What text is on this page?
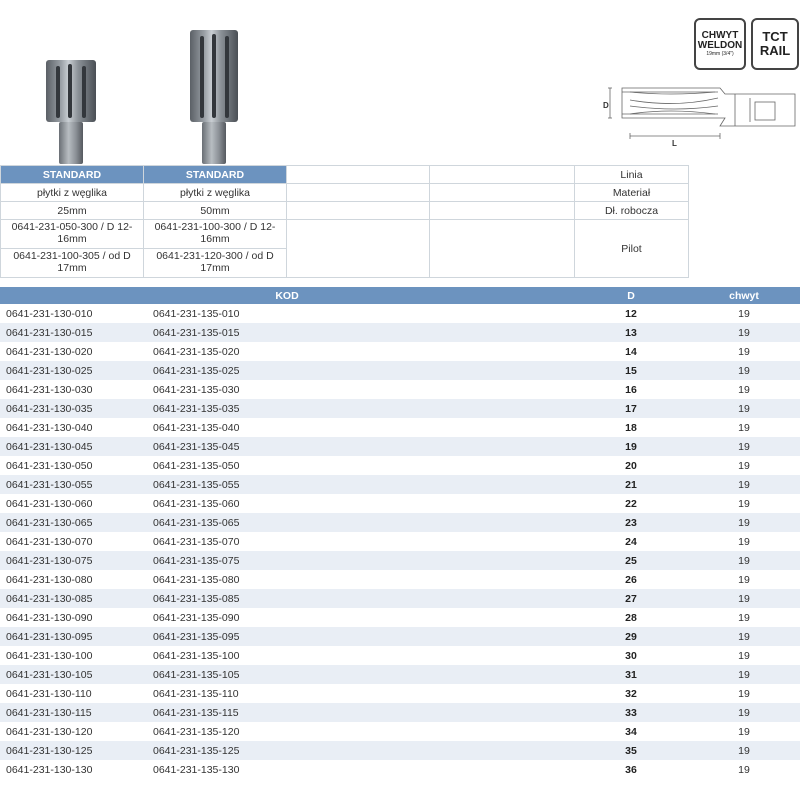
CHWYT
WELDON
19mm (3/4")
TCT
RAIL
D
L
STANDARD	STANDARD			Linia
płytki z węglika	płytki z węglika			Materiał
25mm	50mm			Dł. robocza
0641-231-050-300 / D 12-16mm	0641-231-100-300 / D 12-16mm			Pilot
0641-231-100-305 / od D 17mm	0641-231-120-300 / od D 17mm			
KOD			D	chwyt
0641-231-130-010	0641-231-135-010		12	19
0641-231-130-015	0641-231-135-015		13	19
0641-231-130-020	0641-231-135-020		14	19
0641-231-130-025	0641-231-135-025		15	19
0641-231-130-030	0641-231-135-030		16	19
0641-231-130-035	0641-231-135-035		17	19
0641-231-130-040	0641-231-135-040		18	19
0641-231-130-045	0641-231-135-045		19	19
0641-231-130-050	0641-231-135-050		20	19
0641-231-130-055	0641-231-135-055		21	19
0641-231-130-060	0641-231-135-060		22	19
0641-231-130-065	0641-231-135-065		23	19
0641-231-130-070	0641-231-135-070		24	19
0641-231-130-075	0641-231-135-075		25	19
0641-231-130-080	0641-231-135-080		26	19
0641-231-130-085	0641-231-135-085		27	19
0641-231-130-090	0641-231-135-090		28	19
0641-231-130-095	0641-231-135-095		29	19
0641-231-130-100	0641-231-135-100		30	19
0641-231-130-105	0641-231-135-105		31	19
0641-231-130-110	0641-231-135-110		32	19
0641-231-130-115	0641-231-135-115		33	19
0641-231-130-120	0641-231-135-120		34	19
0641-231-130-125	0641-231-135-125		35	19
0641-231-130-130	0641-231-135-130		36	19
